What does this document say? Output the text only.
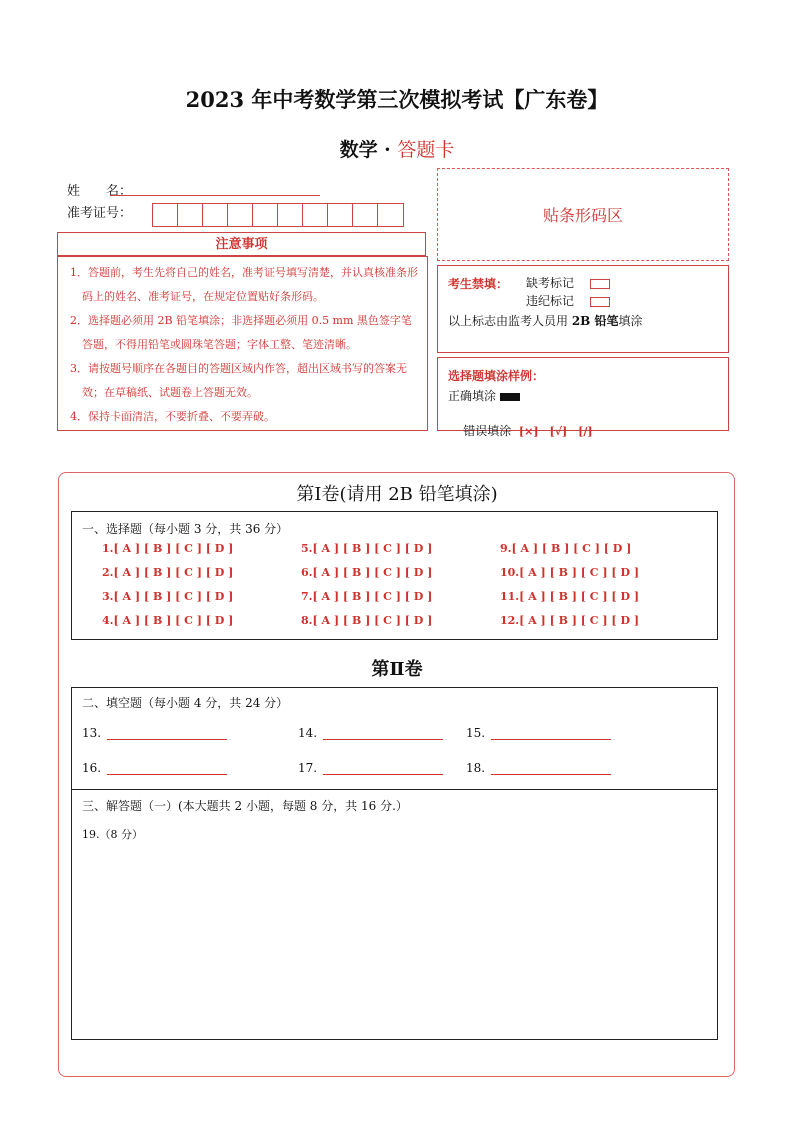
2023 年中考数学第三次模拟考试【广东卷】
数学 · 答题卡
姓　　名：
准考证号：	贴条形码区
注意事项
1．答题前，考生先将自己的姓名，准考证号填写清楚，并认真核准条形码上的姓名、准考证号，在规定位置贴好条形码。
2．选择题必须用 2B 铅笔填涂；非选择题必须用 0.5 mm 黑色签字笔答题，不得用铅笔或圆珠笔答题；字体工整、笔迹清晰。
3．请按题号顺序在各题目的答题区域内作答，超出区域书写的答案无效；在草稿纸、试题卷上答题无效。
4．保持卡面清洁，不要折叠、不要弄破。
考生禁填： 缺考标记
违纪标记
以上标志由监考人员用 2B 铅笔填涂
选择题填涂样例：
正确填涂

错误填涂 [×]　[√]　[/]

第Ⅰ卷(请用 2B 铅笔填涂)
一、选择题（每小题 3 分，共 36 分）
1.[ A ] [ B ] [ C ] [ D ]
2.[ A ] [ B ] [ C ] [ D ]
3.[ A ] [ B ] [ C ] [ D ]
4.[ A ] [ B ] [ C ] [ D ]
5.[ A ] [ B ] [ C ] [ D ]
6.[ A ] [ B ] [ C ] [ D ]
7.[ A ] [ B ] [ C ] [ D ]
8.[ A ] [ B ] [ C ] [ D ]
9.[ A ] [ B ] [ C ] [ D ]
10.[ A ] [ B ] [ C ] [ D ]
11.[ A ] [ B ] [ C ] [ D ]
12.[ A ] [ B ] [ C ] [ D ]
第Ⅱ卷
二、填空题（每小题 4 分，共 24 分）
13.	14.	15.
16.	17.	18.
三、解答题（一）(本大题共 2 小题，每题 8 分，共 16 分.）
19.（8 分）
